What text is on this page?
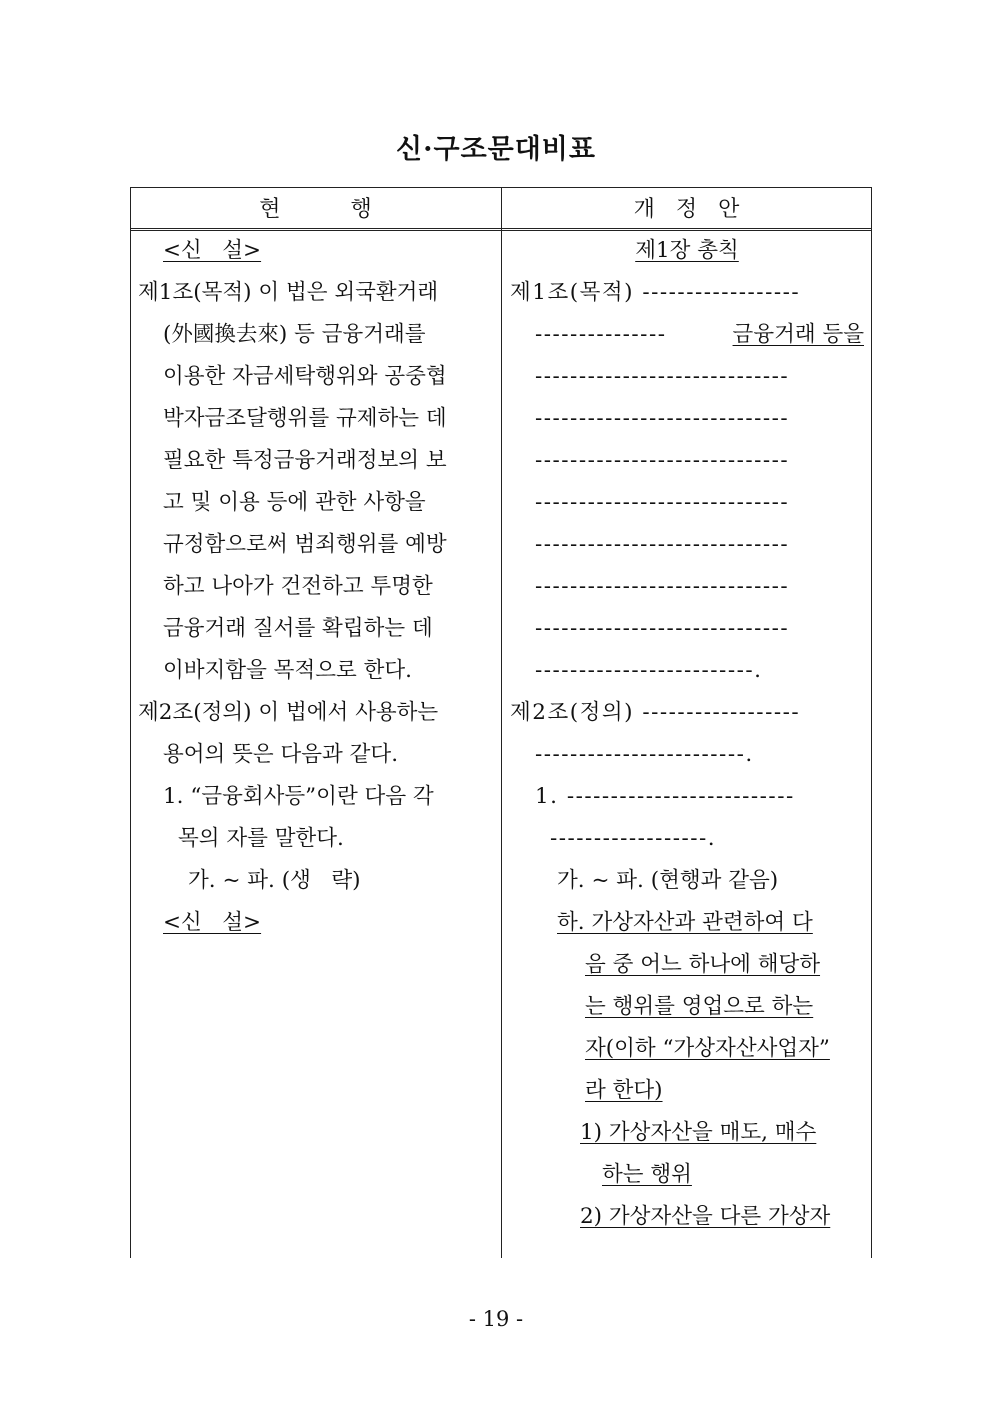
신·구조문대비표
현          행	개   정   안
<신   설>
제1조(목적) 이 법은 외국환거래
(外國換去來) 등 금융거래를
이용한 자금세탁행위와 공중협
박자금조달행위를 규제하는 데
필요한 특정금융거래정보의 보
고 및 이용 등에 관한 사항을
규정함으로써 범죄행위를 예방
하고 나아가 건전하고 투명한
금융거래 질서를 확립하는 데
이바지함을 목적으로 한다.
제2조(정의) 이 법에서 사용하는
용어의 뜻은 다음과 같다.
1. “금융회사등”이란 다음 각
목의 자를 말한다.
가. ~ 파. (생   략)
<신   설>
제1장 총칙
제1조(목적) ------------------
---------------	금융거래 등을
-----------------------------
-----------------------------
-----------------------------
-----------------------------
-----------------------------
-----------------------------
-----------------------------
-------------------------.
제2조(정의) ------------------
------------------------.
1. --------------------------
------------------.
가. ~ 파. (현행과 같음)
하. 가상자산과 관련하여 다
음 중 어느 하나에 해당하
는 행위를 영업으로 하는
자(이하 “가상자산사업자”
라 한다)
1) 가상자산을 매도, 매수
하는 행위
2) 가상자산을 다른 가상자
- 19 -
